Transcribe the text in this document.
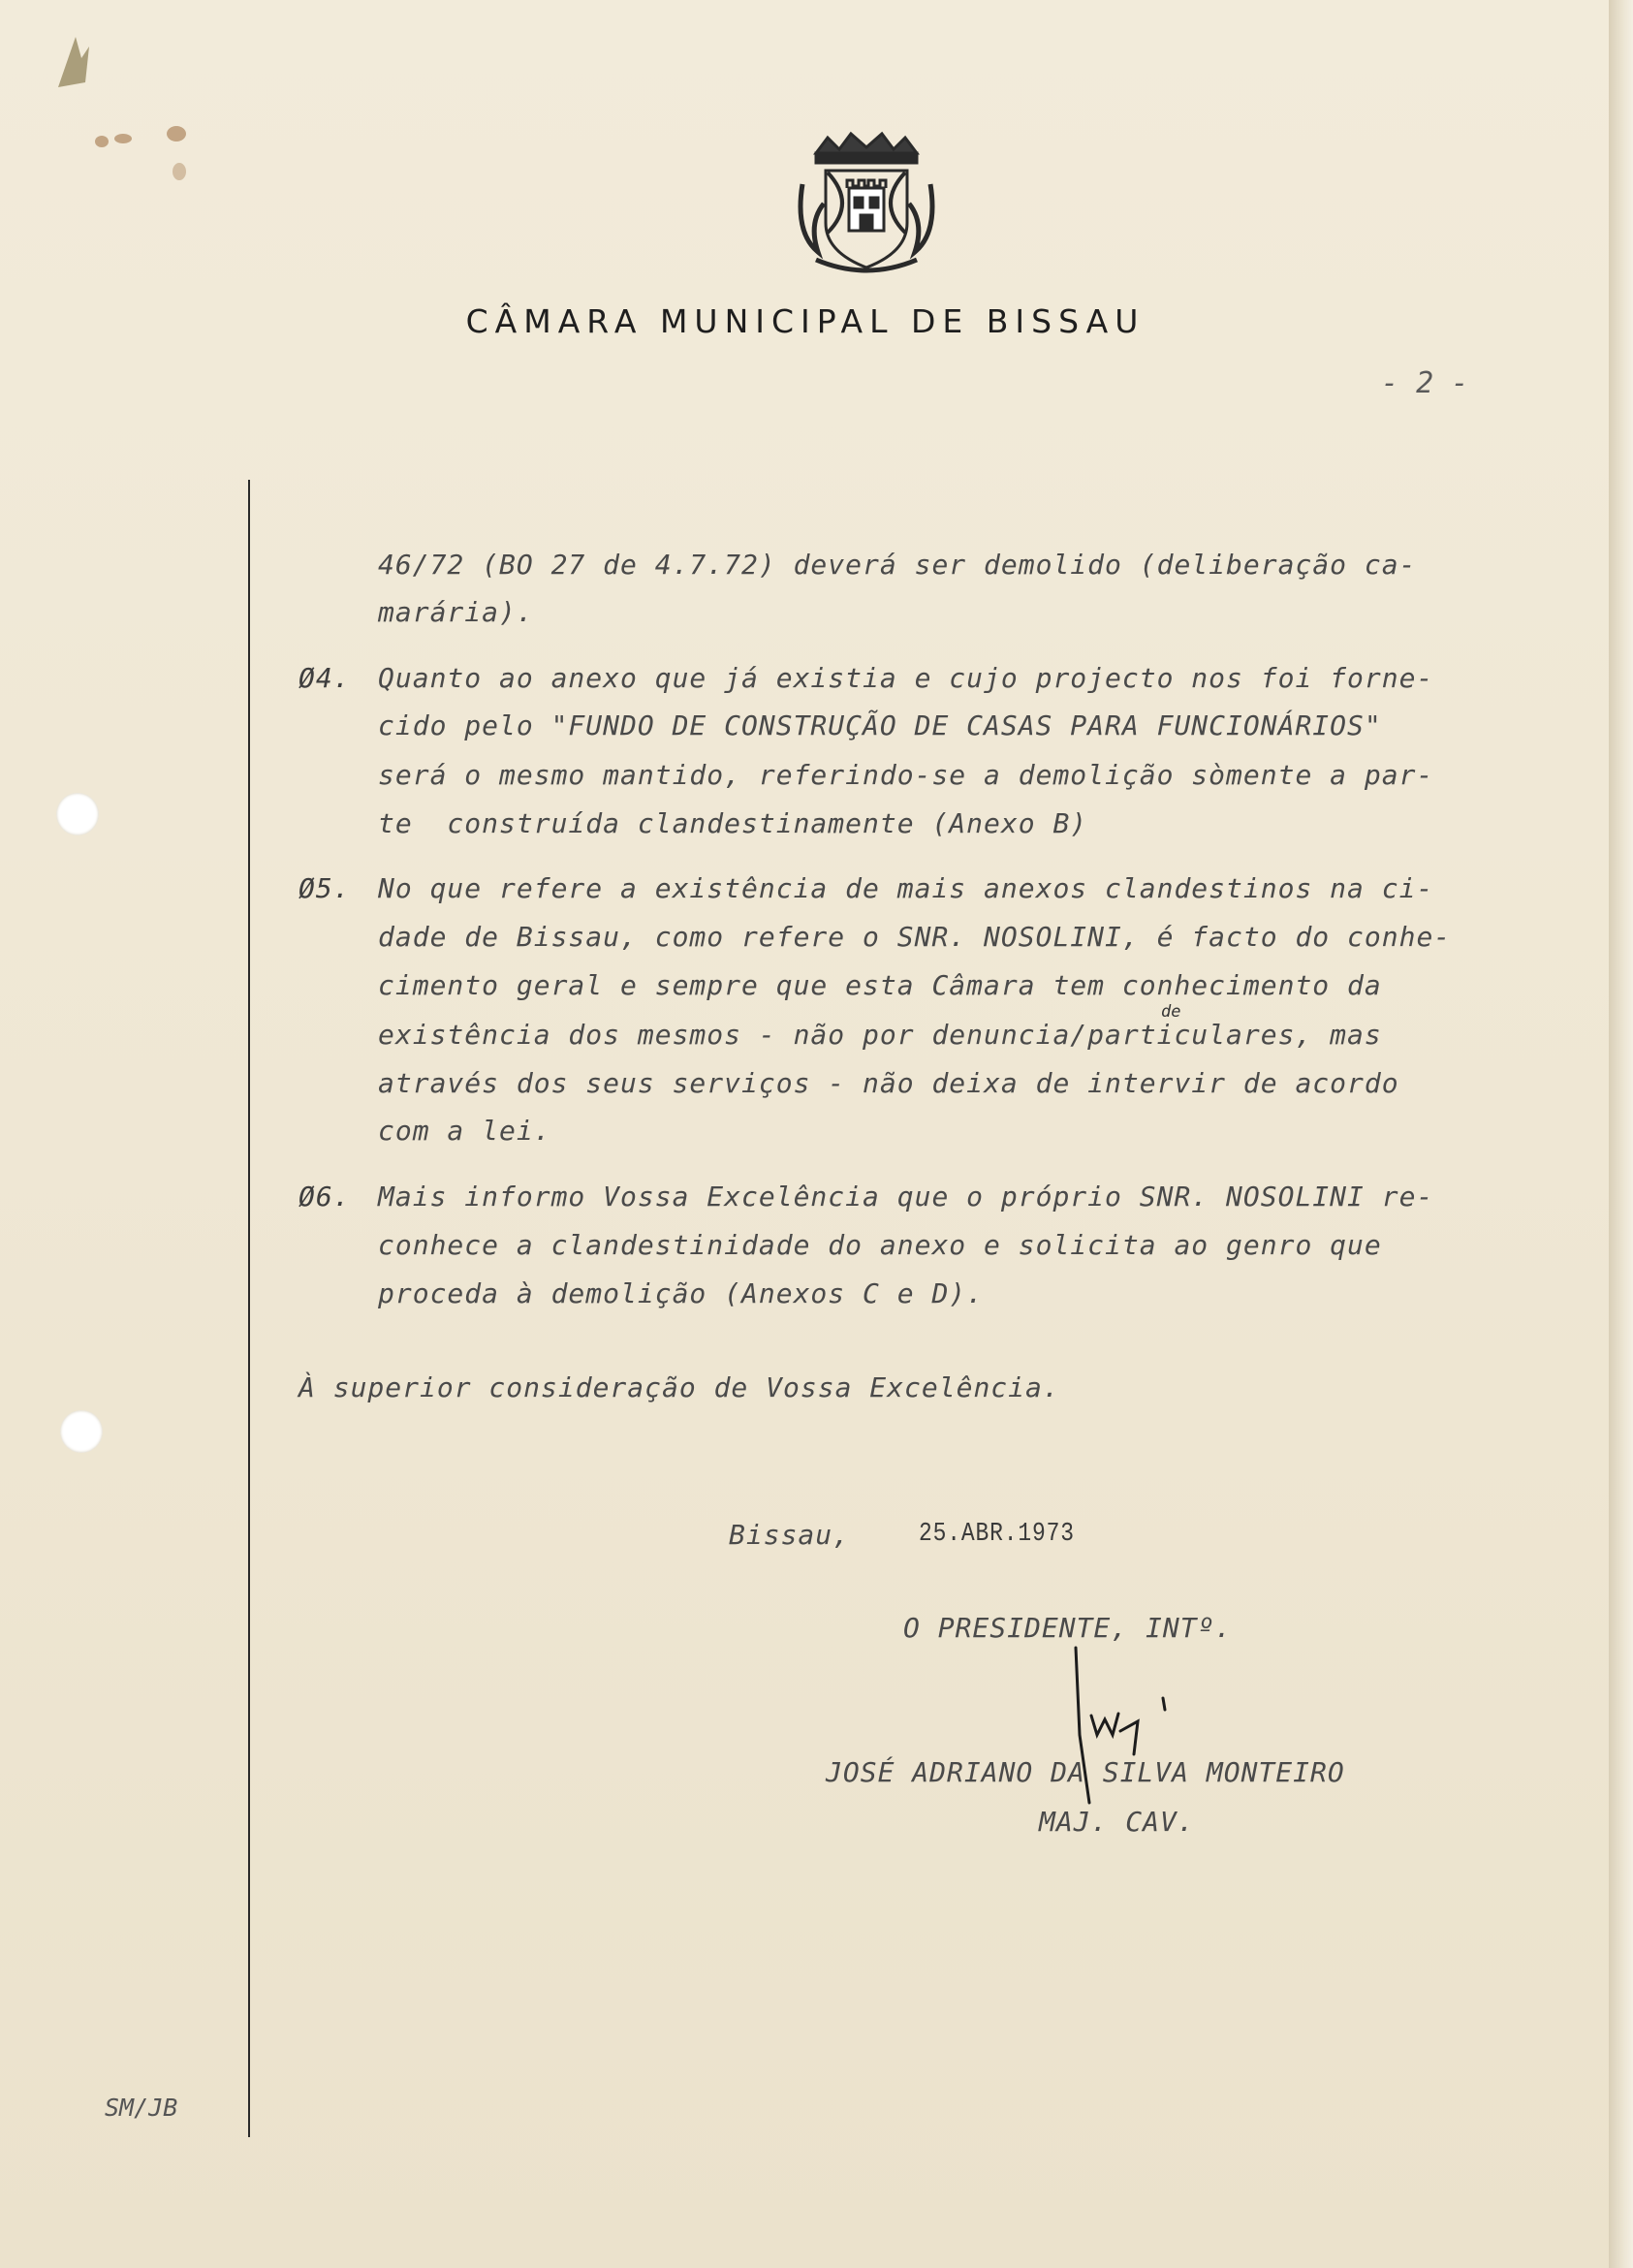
CÂMARA MUNICIPAL DE BISSAU
- 2 -
46/72 (BO 27 de 4.7.72) deverá ser demolido (deliberação ca-
marária).
Ø4. Quanto ao anexo que já existia e cujo projecto nos foi forne-
cido pelo "FUNDO DE CONSTRUÇÃO DE CASAS PARA FUNCIONÁRIOS"
será o mesmo mantido, referindo-se a demolição sòmente a par-
te  construída clandestinamente (Anexo B)
Ø5. No que refere a existência de mais anexos clandestinos na ci-
dade de Bissau, como refere o SNR. NOSOLINI, é facto do conhe-
cimento geral e sempre que esta Câmara tem conhecimento da
de
existência dos mesmos - não por denuncia/particulares, mas
através dos seus serviços - não deixa de intervir de acordo
com a lei.
Ø6. Mais informo Vossa Excelência que o próprio SNR. NOSOLINI re-
conhece a clandestinidade do anexo e solicita ao genro que
proceda à demolição (Anexos C e D).
À superior consideração de Vossa Excelência.
Bissau,	25.ABR.1973
O PRESIDENTE, INTº.
JOSÉ ADRIANO DA SILVA MONTEIRO
MAJ. CAV.
SM/JB
